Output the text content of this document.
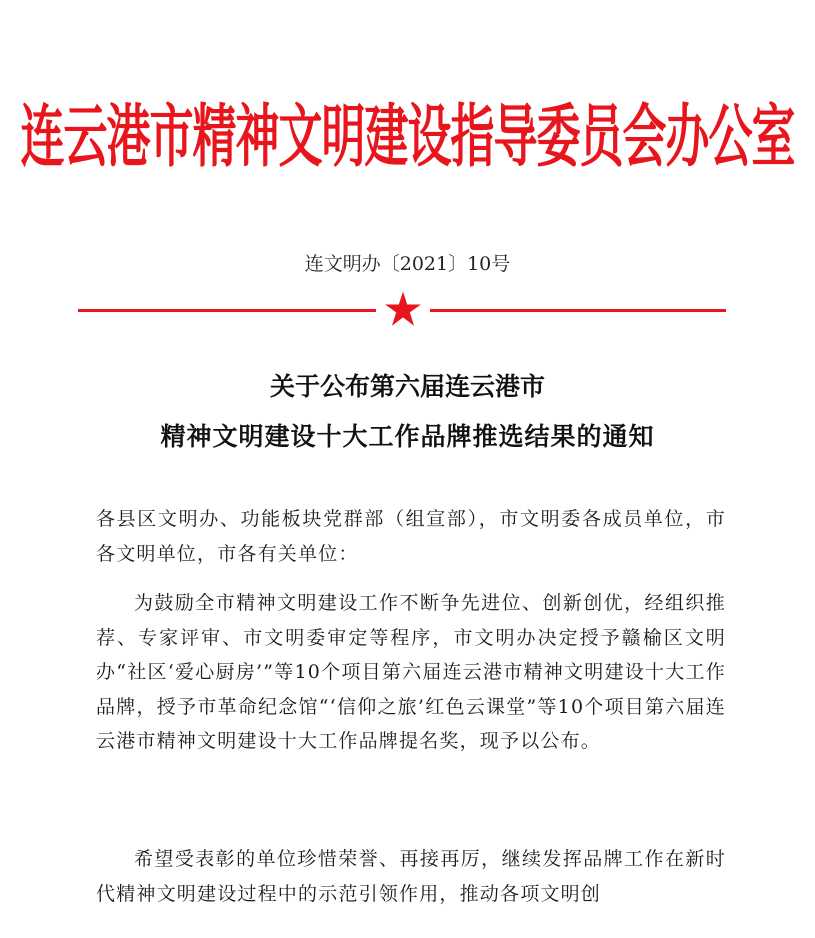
连云港市精神文明建设指导委员会办公室
连文明办〔2021〕10号
关于公布第六届连云港市
精神文明建设十大工作品牌推选结果的通知
各县区文明办、功能板块党群部（组宣部），市文明委各成员单位，市各文明单位，市各有关单位：
为鼓励全市精神文明建设工作不断争先进位、创新创优，经组织推荐、专家评审、市文明委审定等程序，市文明办决定授予赣榆区文明办“社区‘爱心厨房’”等10个项目第六届连云港市精神文明建设十大工作品牌，授予市革命纪念馆“‘信仰之旅’红色云课堂”等10个项目第六届连云港市精神文明建设十大工作品牌提名奖，现予以公布。
希望受表彰的单位珍惜荣誉、再接再厉，继续发挥品牌工作在新时代精神文明建设过程中的示范引领作用，推动各项文明创
